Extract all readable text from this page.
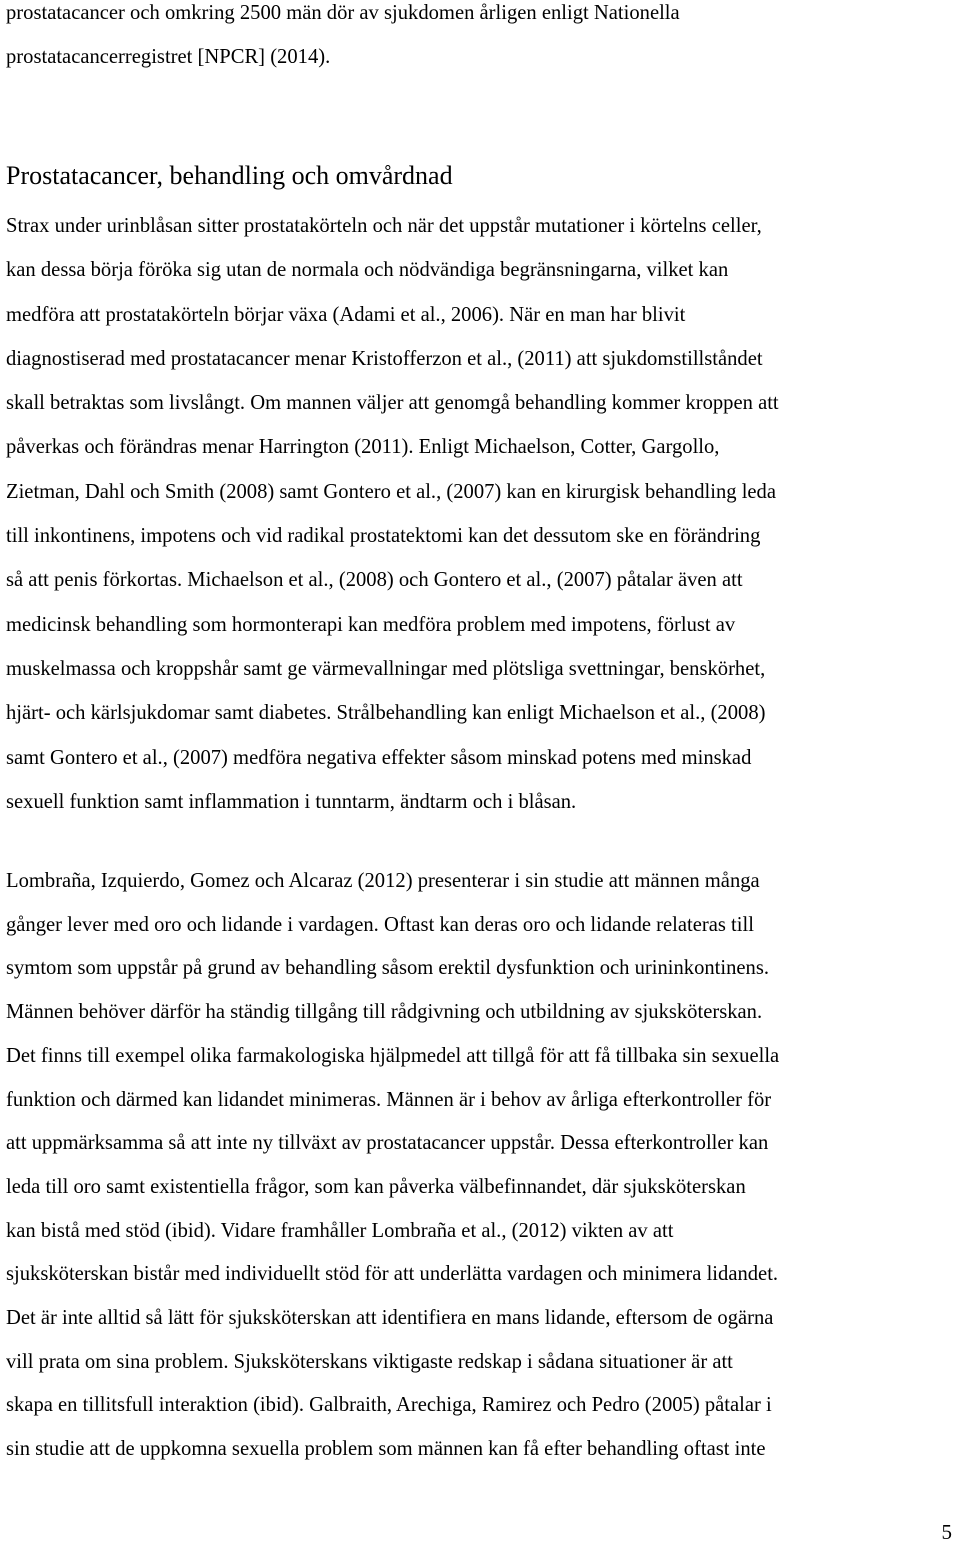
prostatacancer och omkring 2500 män dör av sjukdomen årligen enligt Nationella
prostatacancerregistret [NPCR] (2014).

Prostatacancer, behandling och omvårdnad

Strax under urinblåsan sitter prostatakörteln och när det uppstår mutationer i körtelns celler,
kan dessa börja föröka sig utan de normala och nödvändiga begränsningarna, vilket kan
medföra att prostatakörteln börjar växa (Adami et al., 2006). När en man har blivit
diagnostiserad med prostatacancer menar Kristofferzon et al., (2011) att sjukdomstillståndet
skall betraktas som livslångt. Om mannen väljer att genomgå behandling kommer kroppen att
påverkas och förändras menar Harrington (2011). Enligt Michaelson, Cotter, Gargollo,
Zietman, Dahl och Smith (2008) samt Gontero et al., (2007) kan en kirurgisk behandling leda
till inkontinens, impotens och vid radikal prostatektomi kan det dessutom ske en förändring
så att penis förkortas. Michaelson et al., (2008) och Gontero et al., (2007) påtalar även att
medicinsk behandling som hormonterapi kan medföra problem med impotens, förlust av
muskelmassa och kroppshår samt ge värmevallningar med plötsliga svettningar, benskörhet,
hjärt- och kärlsjukdomar samt diabetes. Strålbehandling kan enligt Michaelson et al., (2008)
samt Gontero et al., (2007) medföra negativa effekter såsom minskad potens med minskad
sexuell funktion samt inflammation i tunntarm, ändtarm och i blåsan.

Lombraña, Izquierdo, Gomez och Alcaraz (2012) presenterar i sin studie att männen många
gånger lever med oro och lidande i vardagen. Oftast kan deras oro och lidande relateras till
symtom som uppstår på grund av behandling såsom erektil dysfunktion och urininkontinens.
Männen behöver därför ha ständig tillgång till rådgivning och utbildning av sjuksköterskan.
Det finns till exempel olika farmakologiska hjälpmedel att tillgå för att få tillbaka sin sexuella
funktion och därmed kan lidandet minimeras. Männen är i behov av årliga efterkontroller för
att uppmärksamma så att inte ny tillväxt av prostatacancer uppstår. Dessa efterkontroller kan
leda till oro samt existentiella frågor, som kan påverka välbefinnandet, där sjuksköterskan
kan bistå med stöd (ibid). Vidare framhåller Lombraña et al., (2012) vikten av att
sjuksköterskan bistår med individuellt stöd för att underlätta vardagen och minimera lidandet.
Det är inte alltid så lätt för sjuksköterskan att identifiera en mans lidande, eftersom de ogärna
vill prata om sina problem. Sjuksköterskans viktigaste redskap i sådana situationer är att
skapa en tillitsfull interaktion (ibid). Galbraith, Arechiga, Ramirez och Pedro (2005) påtalar i
sin studie att de uppkomna sexuella problem som männen kan få efter behandling oftast inte

5
